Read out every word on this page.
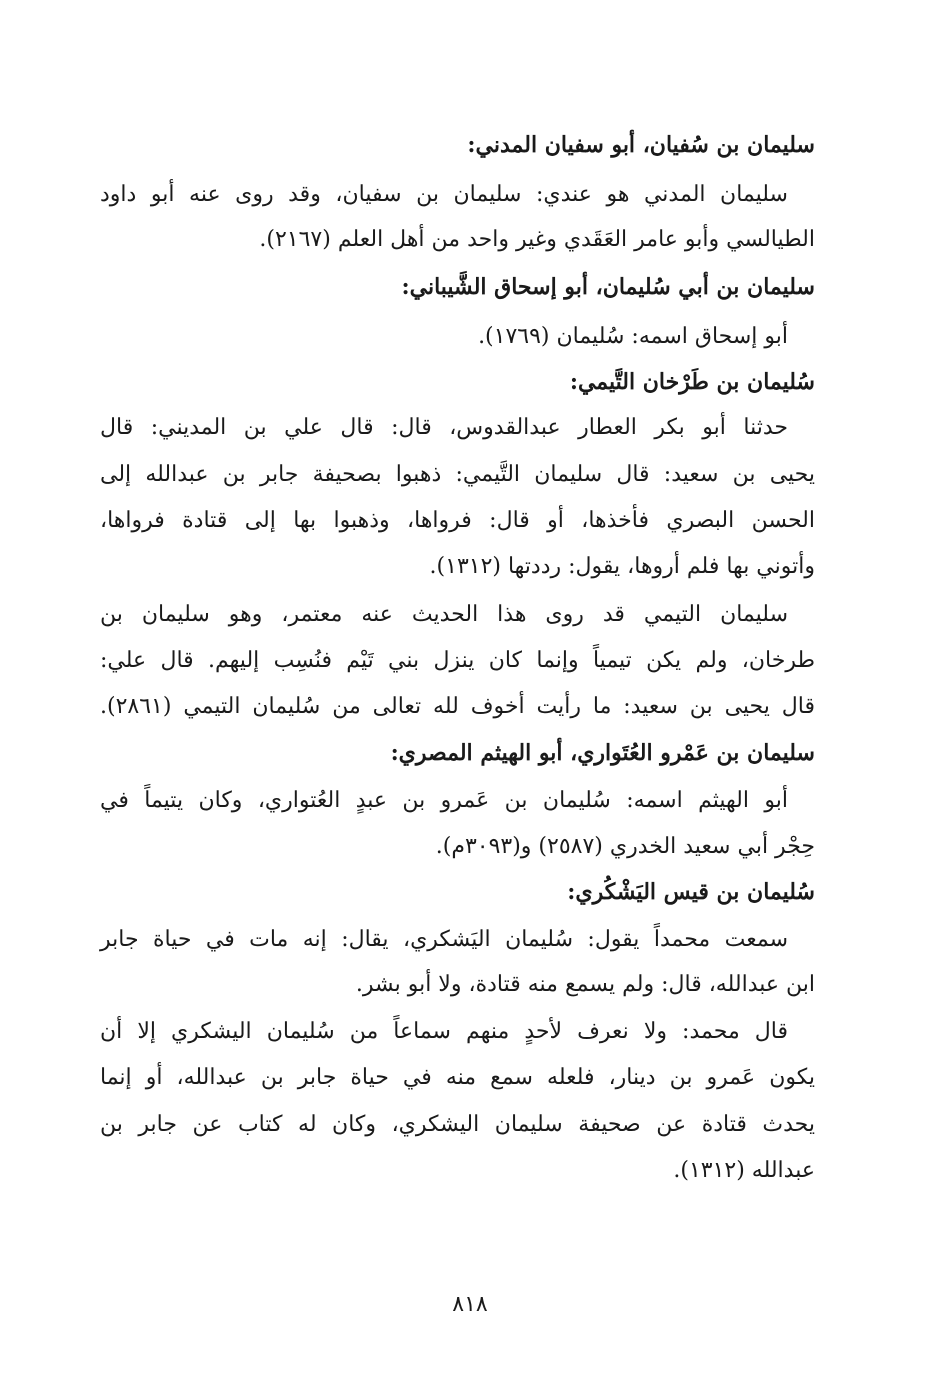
سليمان بن سُفيان، أبو سفيان المدني:
سليمان المدني هو عندي: سليمان بن سفيان، وقد روى عنه أبو داود
الطيالسي وأبو عامر العَقَدي وغير واحد من أهل العلم (٢١٦٧).
سليمان بن أبي سُليمان، أبو إسحاق الشَّيباني:
أبو إسحاق اسمه: سُليمان (١٧٦٩).
سُليمان بن طَرْخان التَّيمي:
حدثنا أبو بكر العطار عبدالقدوس، قال: قال علي بن المديني: قال
يحيى بن سعيد: قال سليمان التَّيمي: ذهبوا بصحيفة جابر بن عبدالله إلى
الحسن البصري فأخذها، أو قال: فرواها، وذهبوا بها إلى قتادة فرواها،
وأتوني بها فلم أروها، يقول: رددتها (١٣١٢).
سليمان التيمي قد روى هذا الحديث عنه معتمر، وهو سليمان بن
طرخان، ولم يكن تيمياً وإنما كان ينزل بني تَيْم فنُسِب إليهم. قال علي:
قال يحيى بن سعيد: ما رأيت أخوف لله تعالى من سُليمان التيمي (٢٨٦١).
سليمان بن عَمْرو العُتَواري، أبو الهيثم المصري:
أبو الهيثم اسمه: سُليمان بن عَمرو بن عبدٍ العُتواري، وكان يتيماً في
حِجْر أبي سعيد الخدري (٢٥٨٧) و(٣٠٩٣م).
سُليمان بن قيس اليَشْكُري:
سمعت محمداً يقول: سُليمان اليَشكري، يقال: إنه مات في حياة جابر
ابن عبدالله، قال: ولم يسمع منه قتادة، ولا أبو بشر.
قال محمد: ولا نعرف لأحدٍ منهم سماعاً من سُليمان اليشكري إلا أن
يكون عَمرو بن دينار، فلعله سمع منه في حياة جابر بن عبدالله، أو إنما
يحدث قتادة عن صحيفة سليمان اليشكري، وكان له كتاب عن جابر بن
عبدالله (١٣١٢).
٨١٨
